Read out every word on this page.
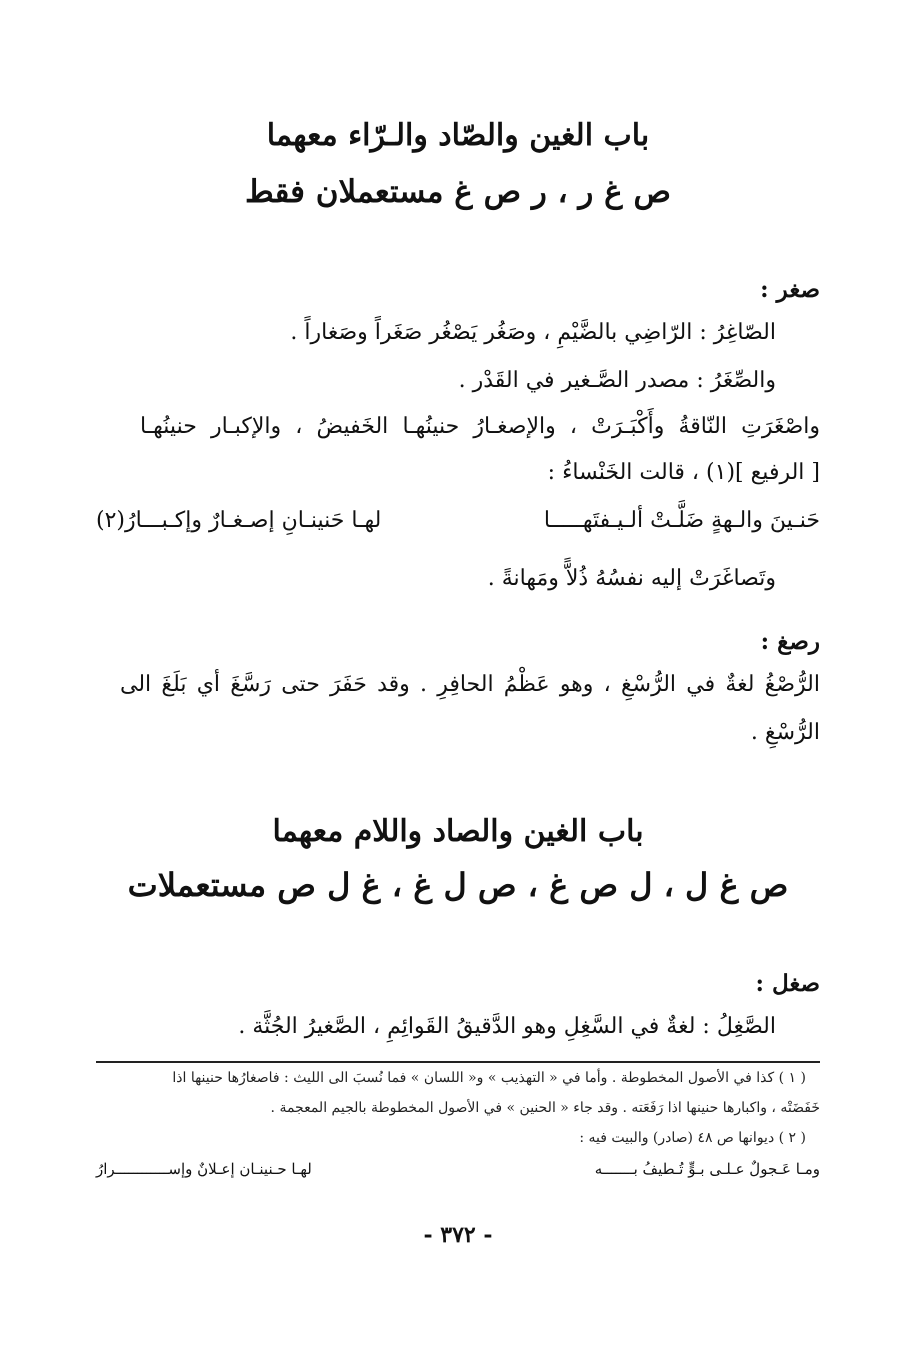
باب الغين والصّاد والـرّاء معهما
ص غ ر ، ر ص غ مستعملان فقط
صغر :
الصّاغِرُ : الرّاضِي بالضَّيْمِ ، وصَغُر يَصْغُر صَغَراً وصَغاراً .
والصِّغَرُ : مصدر الصَّـغير في القَدْر .
واصْغَرَتِ النّاقةُ وأَكْبَـرَتْ ، والإصغـارُ حنينُهـا الخَفيضُ ، والإكبـار حنينُهـا
[ الرفيع ](١) ، قالت الخَنْساءُ :
حَنـينَ والـهةٍ ضَلَّـتْ ألـيـفتَهـــــا
لهـا حَنينـانِ إصـغـارٌ وإكـبـــارُ(٢)
وتَصاغَرَتْ إليه نفسُهُ ذُلاًّ ومَهانةً .
رصغ :
الرُّصْغُ لغةٌ في الرُّسْغِ ، وهو عَظْمُ الحافِرِ . وقد حَفَرَ حتى رَسَّغَ أي بَلَغَ الى
الرُّسْغِ .
باب الغين والصاد واللام معهما
ص غ ل ، ل ص غ ، ص ل غ ، غ ل ص مستعملات
صغل :
الصَّغِلُ : لغةٌ في السَّغِلِ وهو الدَّقيقُ القَوائِمِ ، الصَّغيرُ الجُثَّة .
( ١ ) كذا في الأصول المخطوطة . وأما في « التهذيب » و« اللسان » فما نُسبَ الى الليث : فاصغارُها حنينها اذا
خَفَضَتْه ، واكبارها حنينها اذا رَفَعَته . وقد جاء « الحنين » في الأصول المخطوطة بالجيم المعجمة .
( ٢ ) ديوانها ص ٤٨ (صادر) والبيت فيه :
ومـا عَـجولٌ عـلـى بـوٍّ تُـطيفُ بـــــــه
لهـا حـنينـان إعـلانٌ وإســــــــــــرارُ
- ٣٧٢ -
